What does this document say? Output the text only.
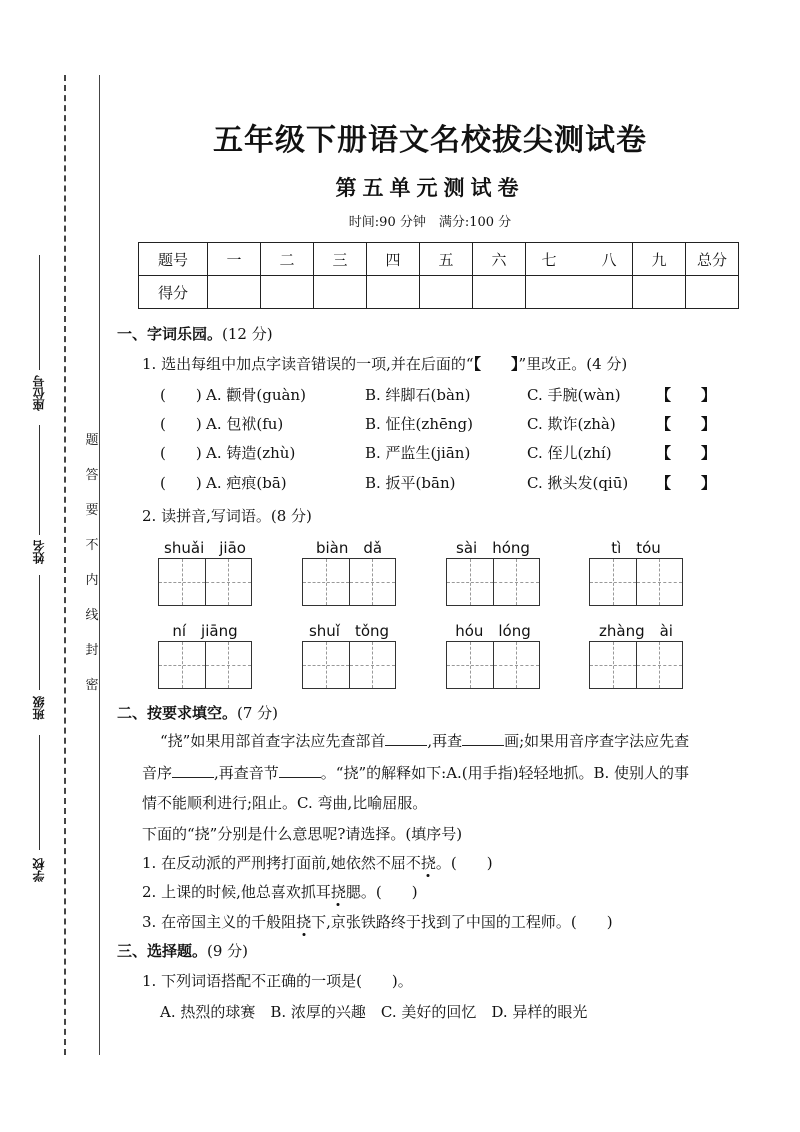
座位号
姓名
班级
学校
题
答
要
不
内
线
封
密
五年级下册语文名校拔尖测试卷
第五单元测试卷
时间:90 分钟　满分:100 分
题号	一	二	三	四	五	六	七　　　 八	九	总分
得分									
一、字词乐园。(12 分)
1. 选出每组中加点字读音错误的一项,并在后面的“【　　】”里改正。(4 分)
(　　) A. 颧骨(guàn)	B. 绊脚石(bàn)	C. 手腕(wàn) 【　　】
(　　) A. 包袱(fu)	B. 怔住(zhēng)	C. 欺诈(zhà)	【　　】
(　　) A. 铸造(zhù)	B. 严监生(jiān)	C. 侄儿(zhí)	【　　】
(　　) A. 疤痕(bā)	B. 扳平(bān)	C. 揪头发(qiū) 【　　】
2. 读拼音,写词语。(8 分)
shuǎi　jiāo	biàn　dǎ	sài　hóng	tì　tóu
ní　jiāng	shuǐ　tǒng	hóu　lóng	zhàng　ài
二、按要求填空。(7 分)
“挠”如果用部首查字法应先查部首	,再查	画;如果用音序查字法应先查
音序	,再查音节	。“挠”的解释如下:A.(用手指)轻轻地抓。B. 使别人的事
情不能顺利进行;阻止。C. 弯曲,比喻屈服。
下面的“挠”分别是什么意思呢?请选择。(填序号)
1. 在反动派的严刑拷打面前,她依然不屈不挠。(　　)
2. 上课的时候,他总喜欢抓耳挠腮。(　　)
3. 在帝国主义的千般阻挠下,京张铁路终于找到了中国的工程师。(　　)
三、选择题。(9 分)
1. 下列词语搭配不正确的一项是(　　)。
A. 热烈的球赛　B. 浓厚的兴趣　C. 美好的回忆　D. 异样的眼光
